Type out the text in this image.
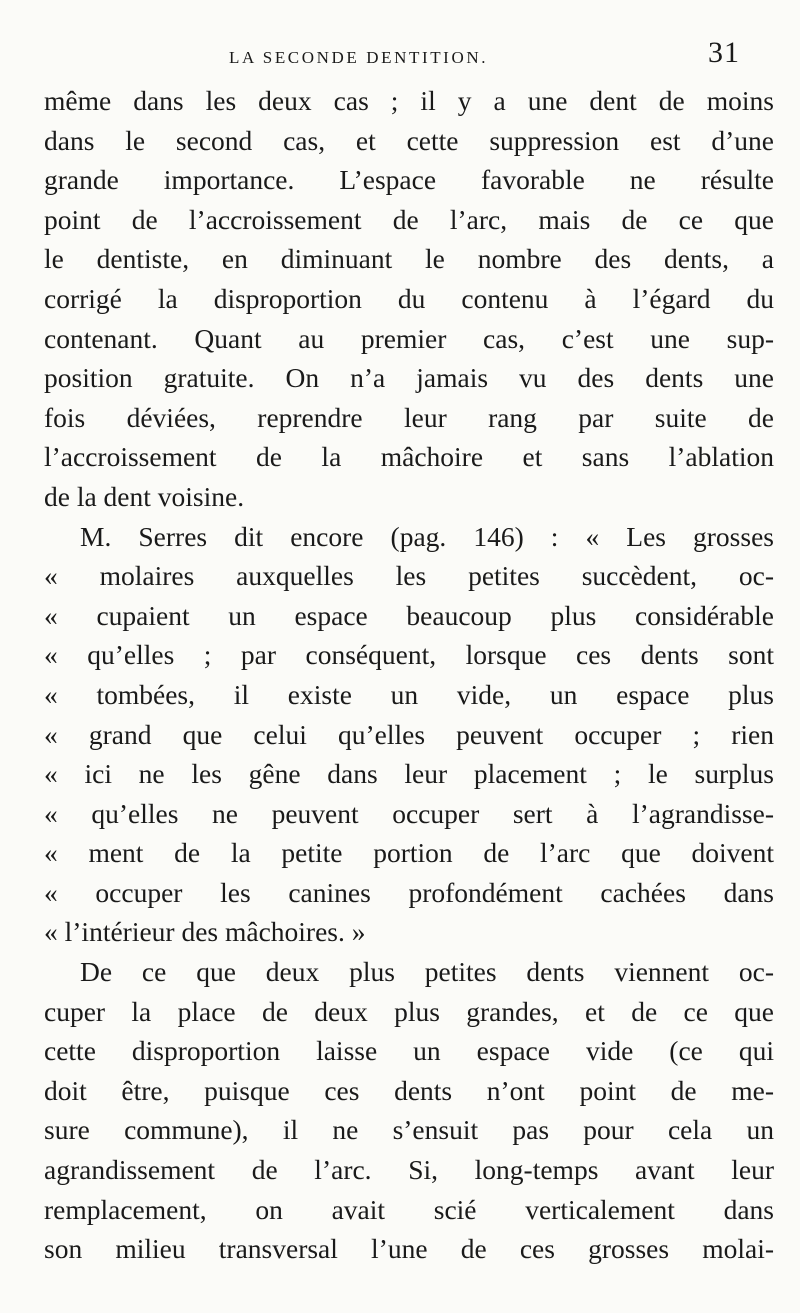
LA SECONDE DENTITION.	31
même dans les deux cas ; il y a une dent de moins
dans le second cas, et cette suppression est d’une
grande importance. L’espace favorable ne résulte
point de l’accroissement de l’arc, mais de ce que
le dentiste, en diminuant le nombre des dents, a
corrigé la disproportion du contenu à l’égard du
contenant. Quant au premier cas, c’est une sup-
position gratuite. On n’a jamais vu des dents une
fois déviées, reprendre leur rang par suite de
l’accroissement de la mâchoire et sans l’ablation
de la dent voisine.
M. Serres dit encore (pag. 146) : « Les grosses
« molaires auxquelles les petites succèdent, oc-
« cupaient un espace beaucoup plus considérable
« qu’elles ; par conséquent, lorsque ces dents sont
« tombées, il existe un vide, un espace plus
« grand que celui qu’elles peuvent occuper ; rien
« ici ne les gêne dans leur placement ; le surplus
« qu’elles ne peuvent occuper sert à l’agrandisse-
« ment de la petite portion de l’arc que doivent
« occuper les canines profondément cachées dans
« l’intérieur des mâchoires. »
De ce que deux plus petites dents viennent oc-
cuper la place de deux plus grandes, et de ce que
cette disproportion laisse un espace vide (ce qui
doit être, puisque ces dents n’ont point de me-
sure commune), il ne s’ensuit pas pour cela un
agrandissement de l’arc. Si, long-temps avant leur
remplacement, on avait scié verticalement dans
son milieu transversal l’une de ces grosses molai-
